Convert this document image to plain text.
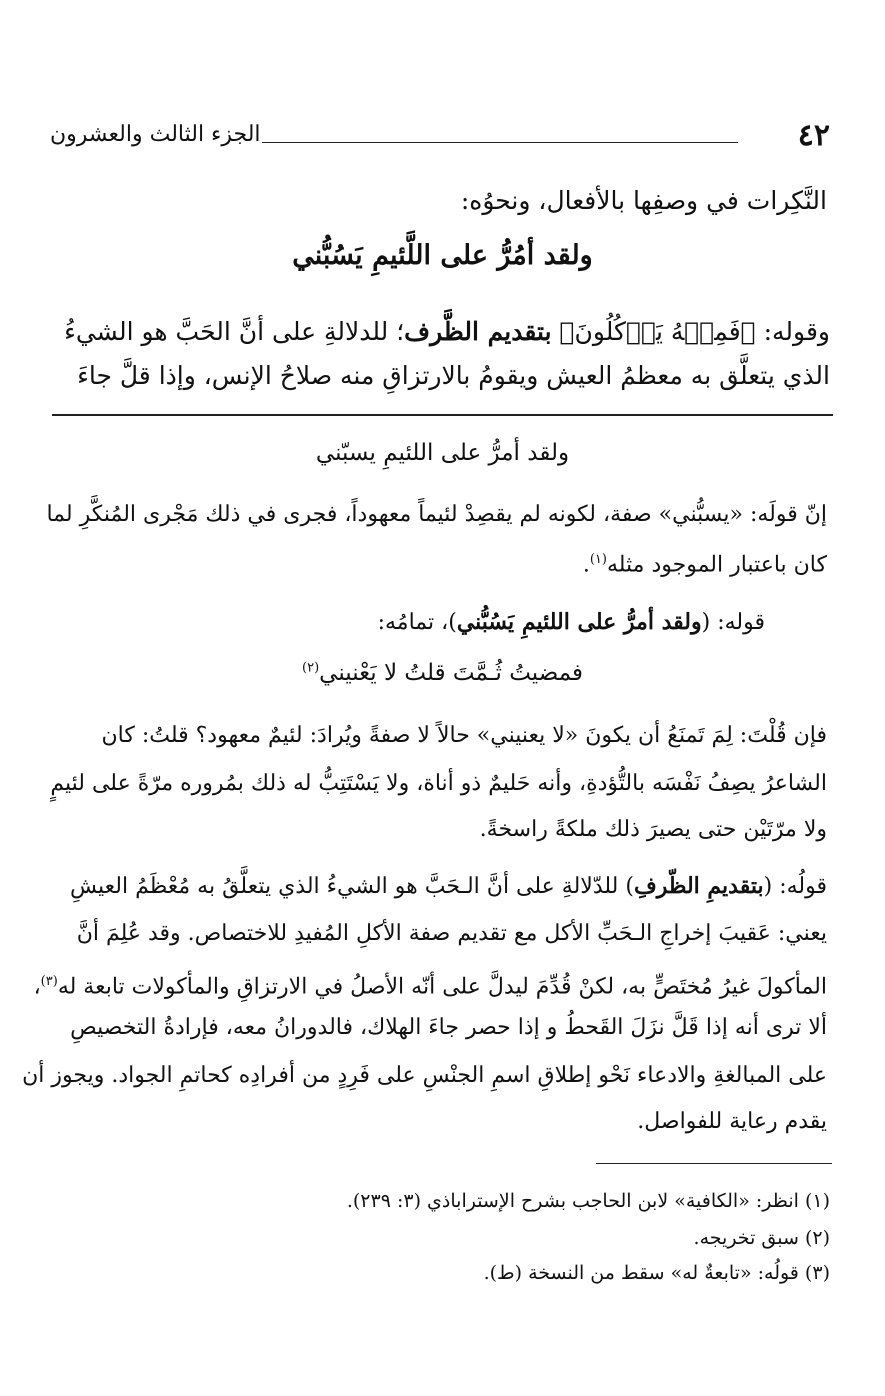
٤٢
الجزء الثالث والعشرون
النَّكِرات في وصفِها بالأفعال، ونحوُه:
ولقد أمُرُّ على اللَّئيمِ يَسُبُّني
وقوله: ﴿فَمِنۡهُ يَأۡكُلُونَ﴾ بتقديم الظَّرف؛ للدلالةِ على أنَّ الحَبَّ هو الشيءُ
الذي يتعلَّق به معظمُ العيش ويقومُ بالارتزاقِ منه صلاحُ الإنس، وإذا قلَّ جاءَ
ولقد أمرُّ على اللئيمِ يسبّني
إنّ قولَه: «يسبُّني» صفة، لكونه لم يقصِدْ لئيماً معهوداً، فجرى في ذلك مَجْرى المُنكَّرِ لما
كان باعتبار الموجود مثله$^{(١)}$.
قوله: (ولقد أمرُّ على اللئيمِ يَسُبُّني)، تمامُه:
فمضيتُ ثُـمَّتَ قلتُ لا يَعْنيني$^{(٢)}$
فإن قُلْتَ: لِمَ تَمنَعُ أن يكونَ «لا يعنيني» حالاً لا صفةً ويُرادَ: لئيمٌ معهود؟ قلتُ: كان
الشاعرُ يصِفُ نَفْسَه بالتُّؤدةِ، وأنه حَليمٌ ذو أناة، ولا يَسْتَتِبُّ له ذلك بمُروره مرّةً على لئيمٍ
ولا مرّتَيْن حتى يصيرَ ذلك ملكةً راسخةً.
قولُه: (بتقديمِ الظّرفِ) للدّلالةِ على أنَّ الـحَبَّ هو الشيءُ الذي يتعلَّقُ به مُعْظَمُ العيشِ
يعني: عَقيبَ إخراجِ الـحَبِّ الأكل مع تقديم صفة الأكلِ المُفيدِ للاختصاص. وقد عُلِمَ أنَّ
المأكولَ غيرُ مُختَصٍّ به، لكنْ قُدِّمَ ليدلَّ على أنّه الأصلُ في الارتزاقِ والمأكولات تابعة له$^{(٣)}$،
ألا ترى أنه إذا قَلَّ نزَلَ القَحطُ و إذا حصر جاءَ الهلاك، فالدورانُ معه، فإرادةُ التخصيصِ
على المبالغةِ والادعاء نَحْو إطلاقِ اسمِ الجنْسِ على فَرِدٍ من أفرادِه كحاتمِ الجواد. ويجوز أن
يقدم رعاية للفواصل.
(١) انظر: «الكافية» لابن الحاجب بشرح الإستراباذي (٣: ٢٣٩).
(٢) سبق تخريجه.
(٣) قولُه: «تابعةٌ له» سقط من النسخة (ط).
